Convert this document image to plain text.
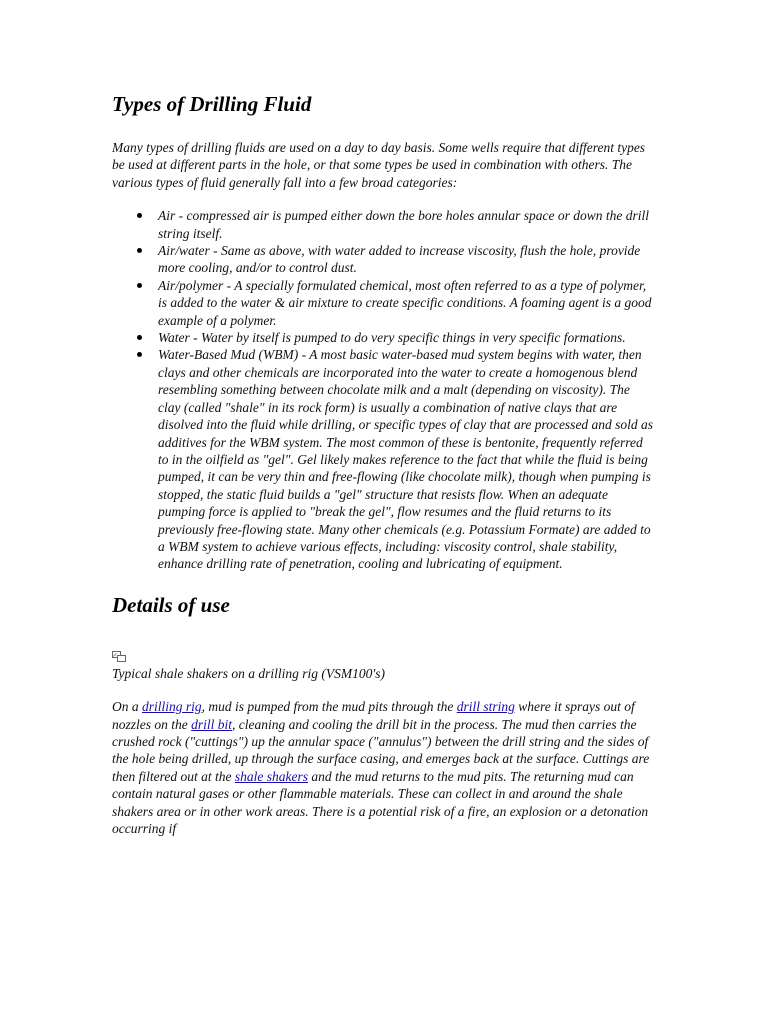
Types of Drilling Fluid

Many types of drilling fluids are used on a day to day basis. Some wells require that different types be used at different parts in the hole, or that some types be used in combination with others. The various types of fluid generally fall into a few broad categories:

Air - compressed air is pumped either down the bore holes annular space or down the drill string itself.
Air/water - Same as above, with water added to increase viscosity, flush the hole, provide more cooling, and/or to control dust.
Air/polymer - A specially formulated chemical, most often referred to as a type of polymer, is added to the water & air mixture to create specific conditions. A foaming agent is a good example of a polymer.
Water - Water by itself is pumped to do very specific things in very specific formations.
Water-Based Mud (WBM) - A most basic water-based mud system begins with water, then clays and other chemicals are incorporated into the water to create a homogenous blend resembling something between chocolate milk and a malt (depending on viscosity). The clay (called "shale" in its rock form) is usually a combination of native clays that are disolved into the fluid while drilling, or specific types of clay that are processed and sold as additives for the WBM system. The most common of these is bentonite, frequently referred to in the oilfield as "gel". Gel likely makes reference to the fact that while the fluid is being pumped, it can be very thin and free-flowing (like chocolate milk), though when pumping is stopped, the static fluid builds a "gel" structure that resists flow. When an adequate pumping force is applied to "break the gel", flow resumes and the fluid returns to its previously free-flowing state. Many other chemicals (e.g. Potassium Formate) are added to a WBM system to achieve various effects, including: viscosity control, shale stability, enhance drilling rate of penetration, cooling and lubricating of equipment.
Details of use
Typical shale shakers on a drilling rig (VSM100's)

On a drilling rig, mud is pumped from the mud pits through the drill string where it sprays out of nozzles on the drill bit, cleaning and cooling the drill bit in the process. The mud then carries the crushed rock ("cuttings") up the annular space ("annulus") between the drill string and the sides of the hole being drilled, up through the surface casing, and emerges back at the surface. Cuttings are then filtered out at the shale shakers and the mud returns to the mud pits. The returning mud can contain natural gases or other flammable materials. These can collect in and around the shale shakers area or in other work areas. There is a potential risk of a fire, an explosion or a detonation occurring if
